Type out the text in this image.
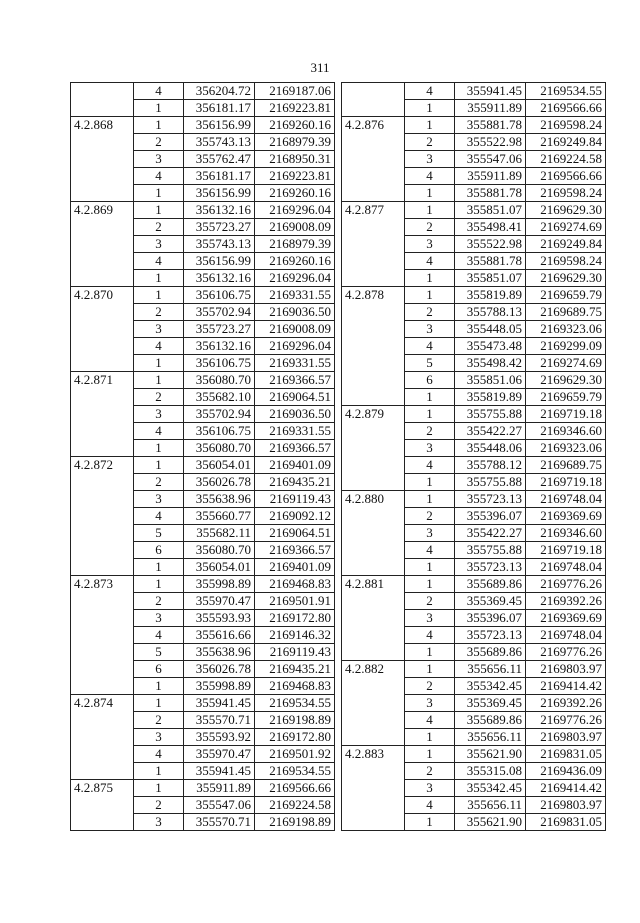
311
	4	356204.72	2169187.06
	1	356181.17	2169223.81
4.2.868	1	356156.99	2169260.16
	2	355743.13	2168979.39
	3	355762.47	2168950.31
	4	356181.17	2169223.81
	1	356156.99	2169260.16
4.2.869	1	356132.16	2169296.04
	2	355723.27	2169008.09
	3	355743.13	2168979.39
	4	356156.99	2169260.16
	1	356132.16	2169296.04
4.2.870	1	356106.75	2169331.55
	2	355702.94	2169036.50
	3	355723.27	2169008.09
	4	356132.16	2169296.04
	1	356106.75	2169331.55
4.2.871	1	356080.70	2169366.57
	2	355682.10	2169064.51
	3	355702.94	2169036.50
	4	356106.75	2169331.55
	1	356080.70	2169366.57
4.2.872	1	356054.01	2169401.09
	2	356026.78	2169435.21
	3	355638.96	2169119.43
	4	355660.77	2169092.12
	5	355682.11	2169064.51
	6	356080.70	2169366.57
	1	356054.01	2169401.09
4.2.873	1	355998.89	2169468.83
	2	355970.47	2169501.91
	3	355593.93	2169172.80
	4	355616.66	2169146.32
	5	355638.96	2169119.43
	6	356026.78	2169435.21
	1	355998.89	2169468.83
4.2.874	1	355941.45	2169534.55
	2	355570.71	2169198.89
	3	355593.92	2169172.80
	4	355970.47	2169501.92
	1	355941.45	2169534.55
4.2.875	1	355911.89	2169566.66
	2	355547.06	2169224.58
	3	355570.71	2169198.89
	4	355941.45	2169534.55
	1	355911.89	2169566.66
4.2.876	1	355881.78	2169598.24
	2	355522.98	2169249.84
	3	355547.06	2169224.58
	4	355911.89	2169566.66
	1	355881.78	2169598.24
4.2.877	1	355851.07	2169629.30
	2	355498.41	2169274.69
	3	355522.98	2169249.84
	4	355881.78	2169598.24
	1	355851.07	2169629.30
4.2.878	1	355819.89	2169659.79
	2	355788.13	2169689.75
	3	355448.05	2169323.06
	4	355473.48	2169299.09
	5	355498.42	2169274.69
	6	355851.06	2169629.30
	1	355819.89	2169659.79
4.2.879	1	355755.88	2169719.18
	2	355422.27	2169346.60
	3	355448.06	2169323.06
	4	355788.12	2169689.75
	1	355755.88	2169719.18
4.2.880	1	355723.13	2169748.04
	2	355396.07	2169369.69
	3	355422.27	2169346.60
	4	355755.88	2169719.18
	1	355723.13	2169748.04
4.2.881	1	355689.86	2169776.26
	2	355369.45	2169392.26
	3	355396.07	2169369.69
	4	355723.13	2169748.04
	1	355689.86	2169776.26
4.2.882	1	355656.11	2169803.97
	2	355342.45	2169414.42
	3	355369.45	2169392.26
	4	355689.86	2169776.26
	1	355656.11	2169803.97
4.2.883	1	355621.90	2169831.05
	2	355315.08	2169436.09
	3	355342.45	2169414.42
	4	355656.11	2169803.97
	1	355621.90	2169831.05
